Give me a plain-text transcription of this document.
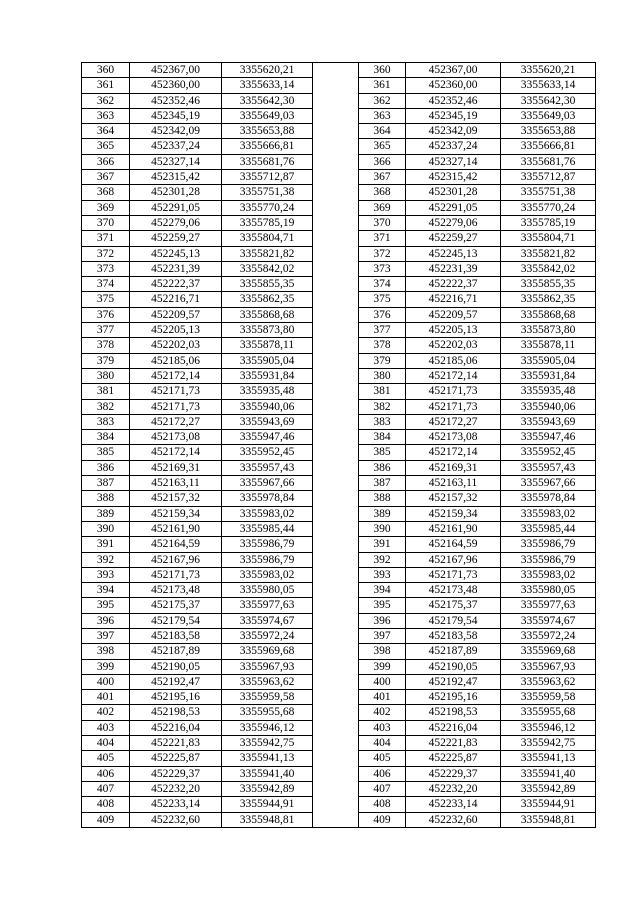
360	452367,00	3355620,21		360	452367,00	3355620,21
361	452360,00	3355633,14		361	452360,00	3355633,14
362	452352,46	3355642,30		362	452352,46	3355642,30
363	452345,19	3355649,03		363	452345,19	3355649,03
364	452342,09	3355653,88		364	452342,09	3355653,88
365	452337,24	3355666,81		365	452337,24	3355666,81
366	452327,14	3355681,76		366	452327,14	3355681,76
367	452315,42	3355712,87		367	452315,42	3355712,87
368	452301,28	3355751,38		368	452301,28	3355751,38
369	452291,05	3355770,24		369	452291,05	3355770,24
370	452279,06	3355785,19		370	452279,06	3355785,19
371	452259,27	3355804,71		371	452259,27	3355804,71
372	452245,13	3355821,82		372	452245,13	3355821,82
373	452231,39	3355842,02		373	452231,39	3355842,02
374	452222,37	3355855,35		374	452222,37	3355855,35
375	452216,71	3355862,35		375	452216,71	3355862,35
376	452209,57	3355868,68		376	452209,57	3355868,68
377	452205,13	3355873,80		377	452205,13	3355873,80
378	452202,03	3355878,11		378	452202,03	3355878,11
379	452185,06	3355905,04		379	452185,06	3355905,04
380	452172,14	3355931,84		380	452172,14	3355931,84
381	452171,73	3355935,48		381	452171,73	3355935,48
382	452171,73	3355940,06		382	452171,73	3355940,06
383	452172,27	3355943,69		383	452172,27	3355943,69
384	452173,08	3355947,46		384	452173,08	3355947,46
385	452172,14	3355952,45		385	452172,14	3355952,45
386	452169,31	3355957,43		386	452169,31	3355957,43
387	452163,11	3355967,66		387	452163,11	3355967,66
388	452157,32	3355978,84		388	452157,32	3355978,84
389	452159,34	3355983,02		389	452159,34	3355983,02
390	452161,90	3355985,44		390	452161,90	3355985,44
391	452164,59	3355986,79		391	452164,59	3355986,79
392	452167,96	3355986,79		392	452167,96	3355986,79
393	452171,73	3355983,02		393	452171,73	3355983,02
394	452173,48	3355980,05		394	452173,48	3355980,05
395	452175,37	3355977,63		395	452175,37	3355977,63
396	452179,54	3355974,67		396	452179,54	3355974,67
397	452183,58	3355972,24		397	452183,58	3355972,24
398	452187,89	3355969,68		398	452187,89	3355969,68
399	452190,05	3355967,93		399	452190,05	3355967,93
400	452192,47	3355963,62		400	452192,47	3355963,62
401	452195,16	3355959,58		401	452195,16	3355959,58
402	452198,53	3355955,68		402	452198,53	3355955,68
403	452216,04	3355946,12		403	452216,04	3355946,12
404	452221,83	3355942,75		404	452221,83	3355942,75
405	452225,87	3355941,13		405	452225,87	3355941,13
406	452229,37	3355941,40		406	452229,37	3355941,40
407	452232,20	3355942,89		407	452232,20	3355942,89
408	452233,14	3355944,91		408	452233,14	3355944,91
409	452232,60	3355948,81		409	452232,60	3355948,81
